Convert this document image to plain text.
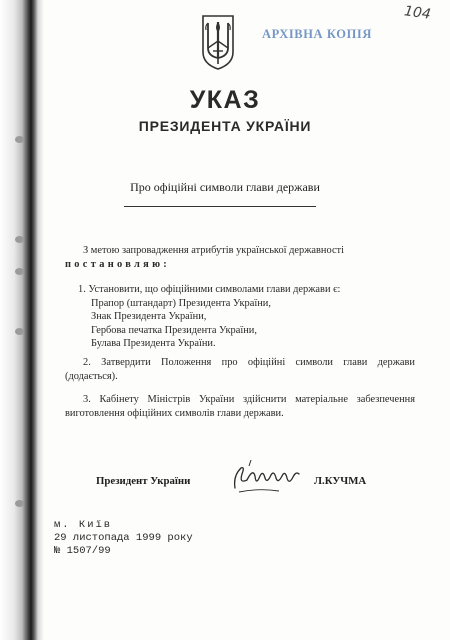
АРХІВНА КОПІЯ
104
УКАЗ
ПРЕЗИДЕНТА УКРАЇНИ
Про офіційні символи глави держави
З метою запровадження атрибутів української державності
постановляю:
1. Установити, що офіційними символами глави держави є:
Прапор (штандарт) Президента України,
Знак Президента України,
Гербова печатка Президента України,
Булава Президента України.
2. Затвердити Положення про офіційні символи глави держави (додається).
3. Кабінету Міністрів України здійснити матеріальне забезпечення виготовлення офіційних символів глави держави.
Президент України	Л.КУЧМА
м. Київ
29 листопада 1999 року
№ 1507/99
